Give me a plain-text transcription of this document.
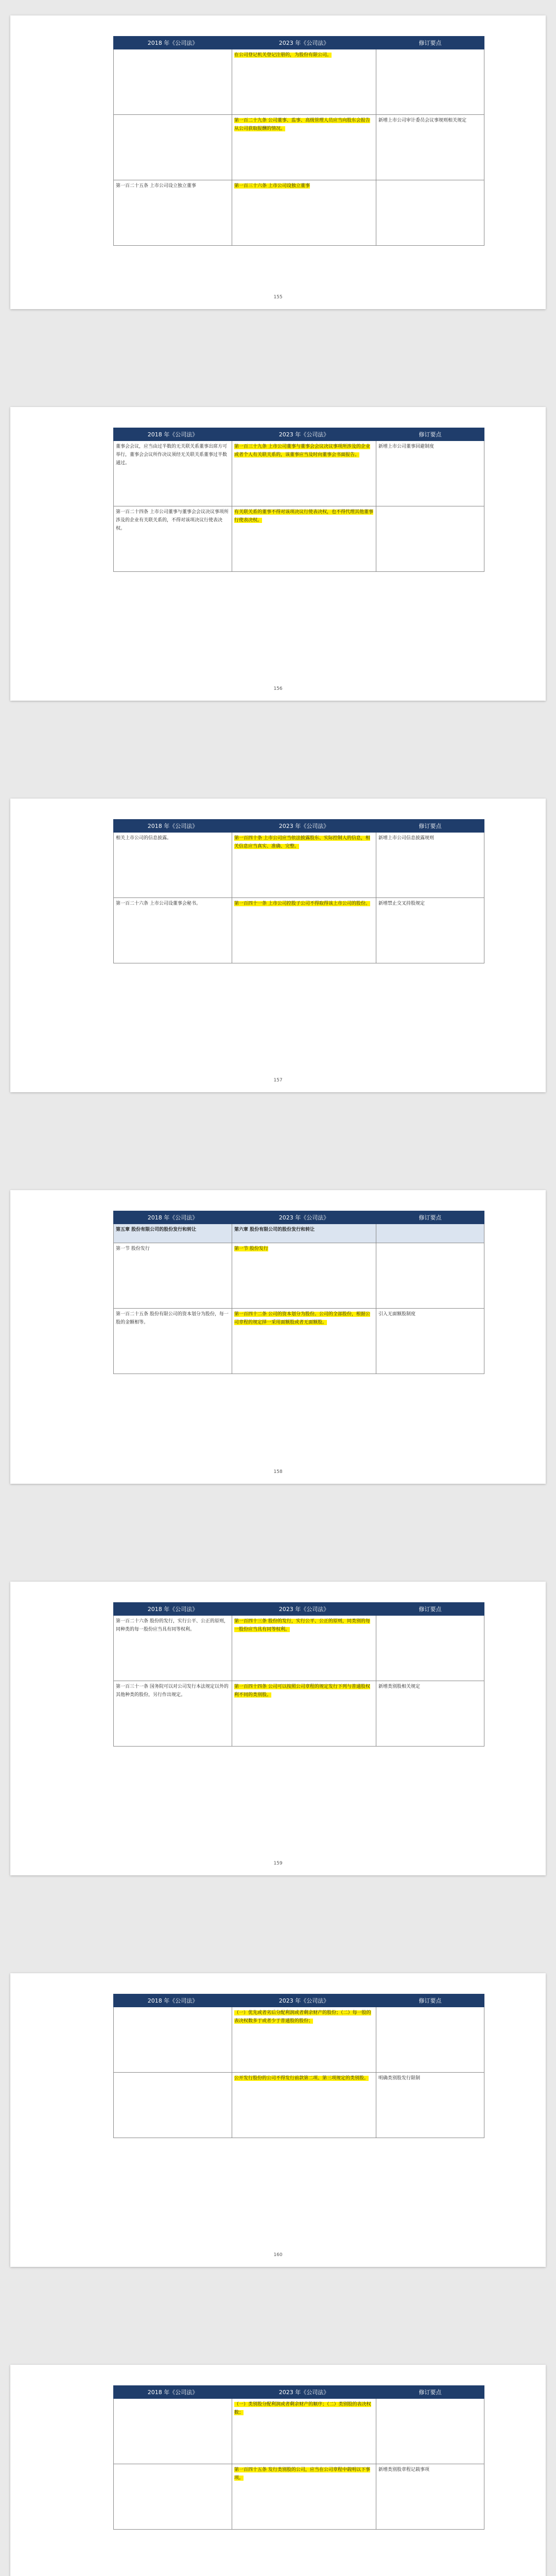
2018 年《公司法》	2023 年《公司法》	修订要点
	在公司登记机关登记注册的，为股份有限公司。	
	第一百二十九条 公司董事、监事、高级管理人员应当向股东会报告从公司获取报酬的情况。	新增上市公司审计委员会议事规则相关规定
第一百二十五条 上市公司设立独立董事	第一百三十六条 上市公司设独立董事	
155
2018 年《公司法》	2023 年《公司法》	修订要点
董事会会议，应当由过半数的无关联关系董事出席方可举行，董事会会议所作决议须经无关联关系董事过半数通过。	第一百三十九条 上市公司董事与董事会会议决议事项所涉及的企业或者个人有关联关系的，该董事应当及时向董事会书面报告。	新增上市公司董事回避制度
第一百二十四条 上市公司董事与董事会会议决议事项所涉及的企业有关联关系的，不得对该项决议行使表决权。	有关联关系的董事不得对该项决议行使表决权，也不得代理其他董事行使表决权。	
156
2018 年《公司法》	2023 年《公司法》	修订要点
相关上市公司的信息披露。	第一百四十条 上市公司应当依法披露股东、实际控制人的信息，相关信息应当真实、准确、完整。	新增上市公司信息披露规则
第一百二十六条 上市公司设董事会秘书。	第一百四十一条 上市公司控股子公司不得取得该上市公司的股份。	新增禁止交叉持股规定
157
2018 年《公司法》	2023 年《公司法》	修订要点
第五章 股份有限公司的股份发行和转让	第六章 股份有限公司的股份发行和转让	
第一节 股份发行	第一节 股份发行	
第一百二十五条 股份有限公司的资本划分为股份，每一股的金额相等。	第一百四十二条 公司的资本划分为股份。公司的全部股份，根据公司章程的规定择一采用面额股或者无面额股。	引入无面额股制度
158
2018 年《公司法》	2023 年《公司法》	修订要点
第一百二十六条 股份的发行，实行公平、公正的原则，同种类的每一股份应当具有同等权利。	第一百四十三条 股份的发行，实行公平、公正的原则，同类别的每一股份应当具有同等权利。	
第一百三十一条 国务院可以对公司发行本法规定以外的其他种类的股份，另行作出规定。	第一百四十四条 公司可以按照公司章程的规定发行下列与普通股权利不同的类别股。	新增类别股相关规定
159
2018 年《公司法》	2023 年《公司法》	修订要点
	（一）优先或者劣后分配利润或者剩余财产的股份；（二）每一股的表决权数多于或者少于普通股的股份；	
	公开发行股份的公司不得发行前款第二项、第三项规定的类别股。	明确类别股发行限制
160
2018 年《公司法》	2023 年《公司法》	修订要点
	（一）类别股分配利润或者剩余财产的顺序；（二）类别股的表决权数；	
	第一百四十五条 发行类别股的公司，应当在公司章程中载明以下事项。	新增类别股章程记载事项
